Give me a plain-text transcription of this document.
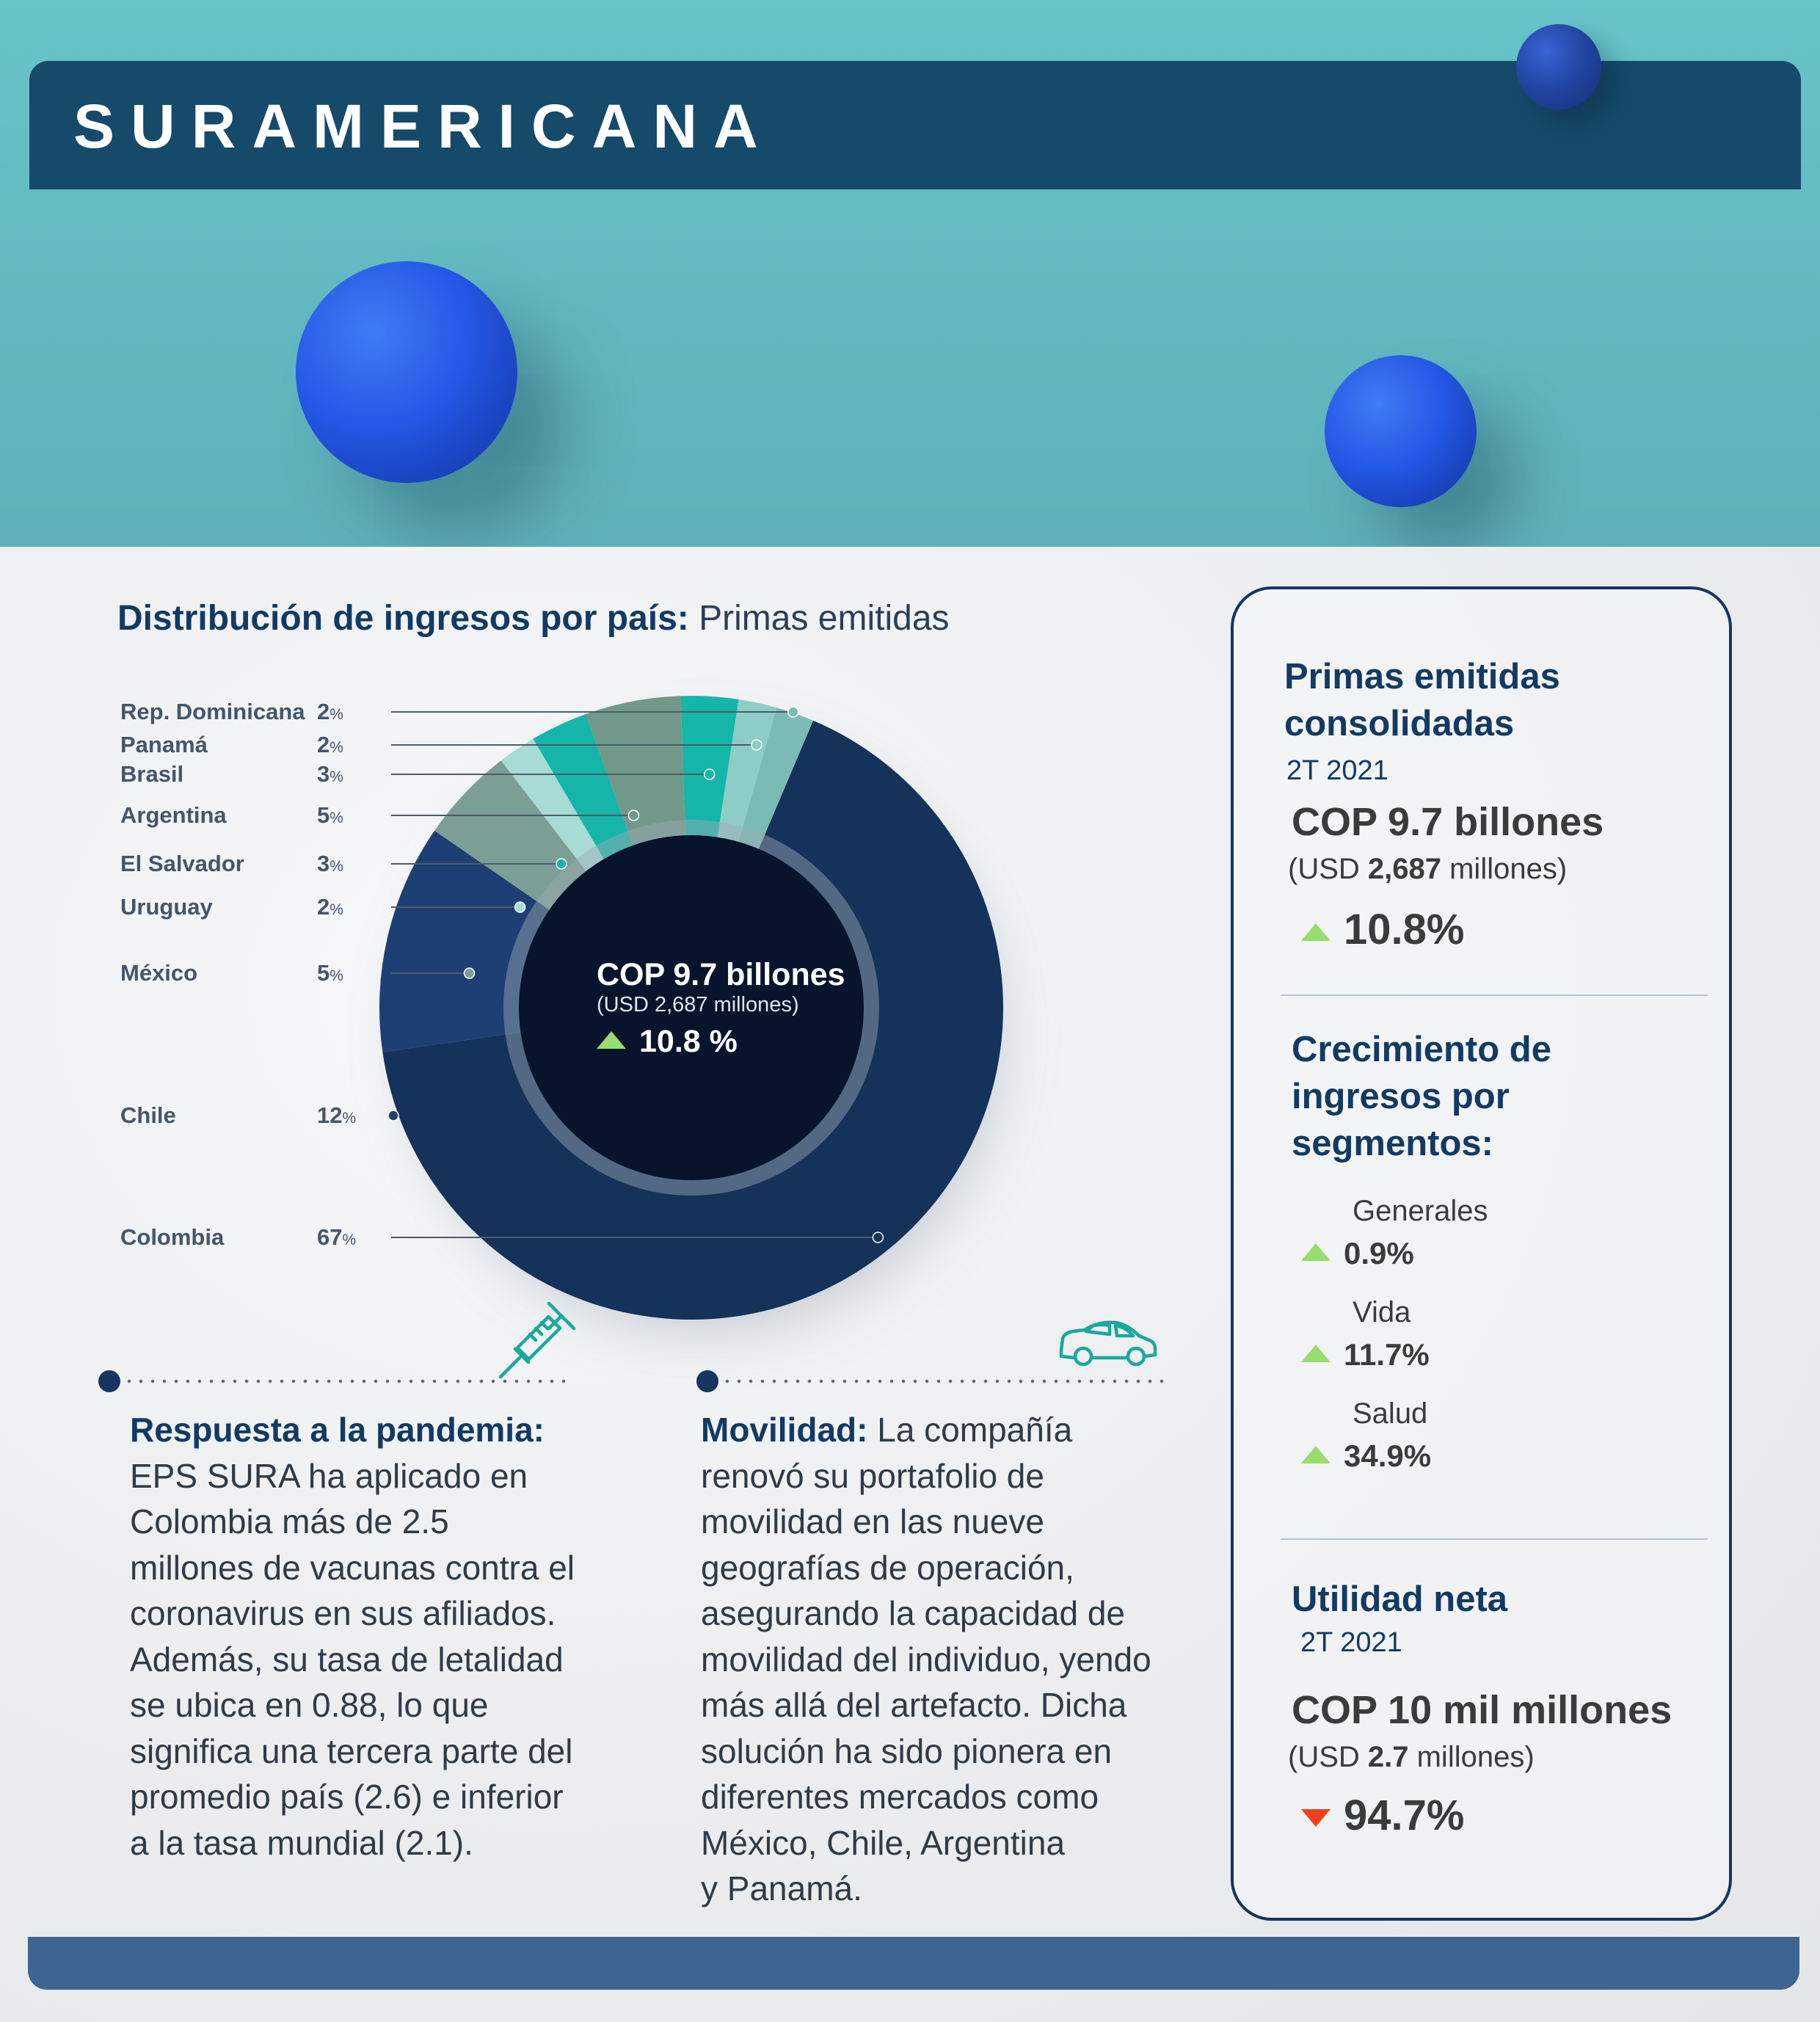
SURAMERICANA
Distribución de ingresos por país: Primas emitidas
Colombia	67%
Chile	12%
México	5%
Uruguay	2%
El Salvador	3%
Argentina	5%
Brasil	3%
Panamá	2%
Rep. Dominicana 2%
COP 9.7 billones
(USD 2,687 millones)
10.8 %
Respuesta a la pandemia:
EPS SURA ha aplicado en
Colombia más de 2.5
millones de vacunas contra el
coronavirus en sus afiliados.
Además, su tasa de letalidad
se ubica en 0.88, lo que
significa una tercera parte del
promedio país (2.6) e inferior
a la tasa mundial (2.1).
Movilidad: La compañía
renovó su portafolio de
movilidad en las nueve
geografías de operación,
asegurando la capacidad de
movilidad del individuo, yendo
más allá del artefacto. Dicha
solución ha sido pionera en
diferentes mercados como
México, Chile, Argentina
y Panamá.
Primas emitidas
consolidadas
2T 2021
COP 9.7 billones
(USD 2,687 millones)
10.8%
Crecimiento de
ingresos por
segmentos:
Generales
0.9%
Vida
11.7%
Salud
34.9%
Utilidad neta
2T 2021
COP 10 mil millones
(USD 2.7 millones)
94.7%
